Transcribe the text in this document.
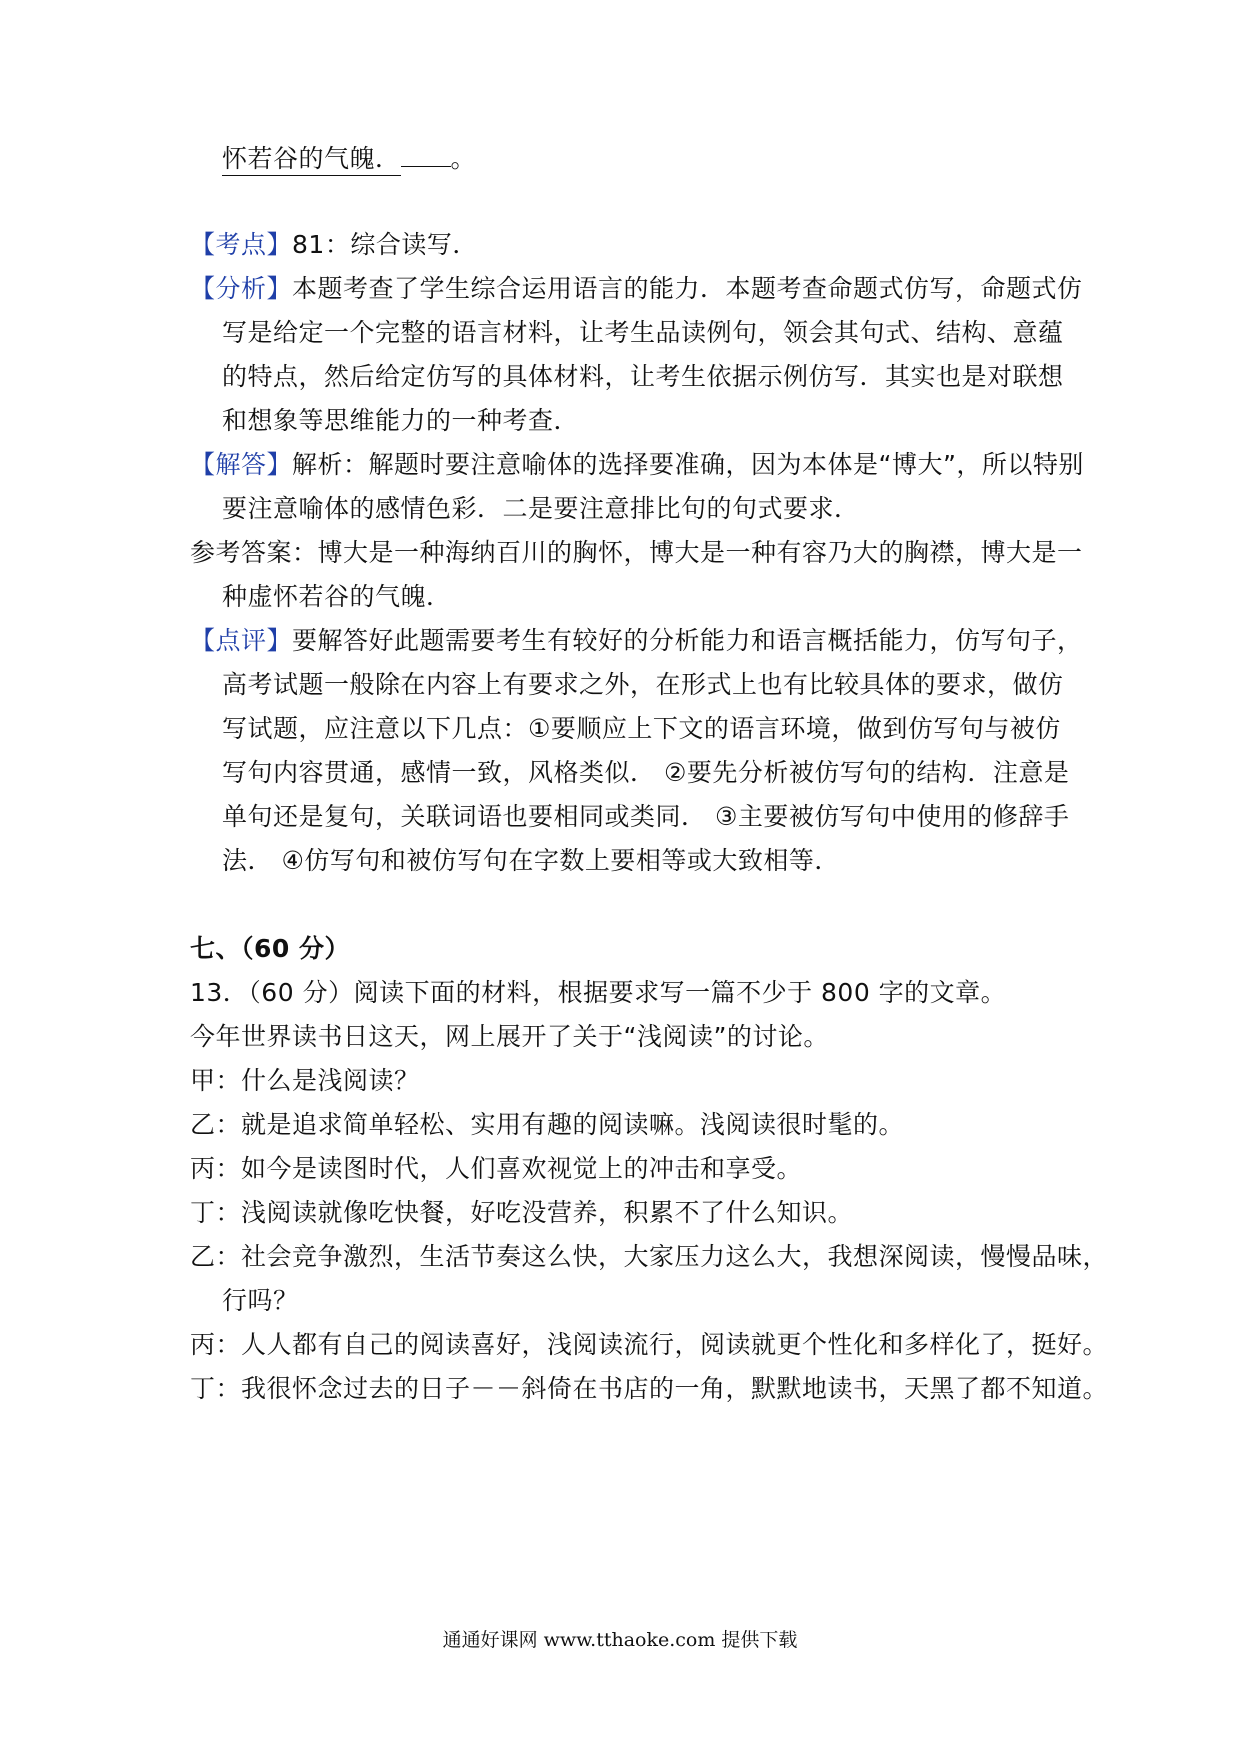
怀若谷的气魄． 。
【考点】81：综合读写．
【分析】本题考查了学生综合运用语言的能力．本题考查命题式仿写，命题式仿
写是给定一个完整的语言材料，让考生品读例句，领会其句式、结构、意蕴
的特点，然后给定仿写的具体材料，让考生依据示例仿写．其实也是对联想
和想象等思维能力的一种考查．
【解答】解析：解题时要注意喻体的选择要准确，因为本体是“博大”，所以特别
要注意喻体的感情色彩．二是要注意排比句的句式要求．
参考答案：博大是一种海纳百川的胸怀，博大是一种有容乃大的胸襟，博大是一
种虚怀若谷的气魄．
【点评】要解答好此题需要考生有较好的分析能力和语言概括能力，仿写句子，
高考试题一般除在内容上有要求之外，在形式上也有比较具体的要求，做仿
写试题，应注意以下几点：①要顺应上下文的语言环境，做到仿写句与被仿
写句内容贯通，感情一致，风格类似． ②要先分析被仿写句的结构．注意是
单句还是复句，关联词语也要相同或类同． ③主要被仿写句中使用的修辞手
法． ④仿写句和被仿写句在字数上要相等或大致相等．
七、（60 分）
13．（60 分）阅读下面的材料，根据要求写一篇不少于 800 字的文章。
今年世界读书日这天，网上展开了关于“浅阅读”的讨论。
甲：什么是浅阅读？
乙：就是追求简单轻松、实用有趣的阅读嘛。浅阅读很时髦的。
丙：如今是读图时代，人们喜欢视觉上的冲击和享受。
丁：浅阅读就像吃快餐，好吃没营养，积累不了什么知识。
乙：社会竞争激烈，生活节奏这么快，大家压力这么大，我想深阅读，慢慢品味，
行吗？
丙：人人都有自己的阅读喜好，浅阅读流行，阅读就更个性化和多样化了，挺好。
丁：我很怀念过去的日子－－斜倚在书店的一角，默默地读书，天黑了都不知道。
通通好课网 www.tthaoke.com 提供下载
